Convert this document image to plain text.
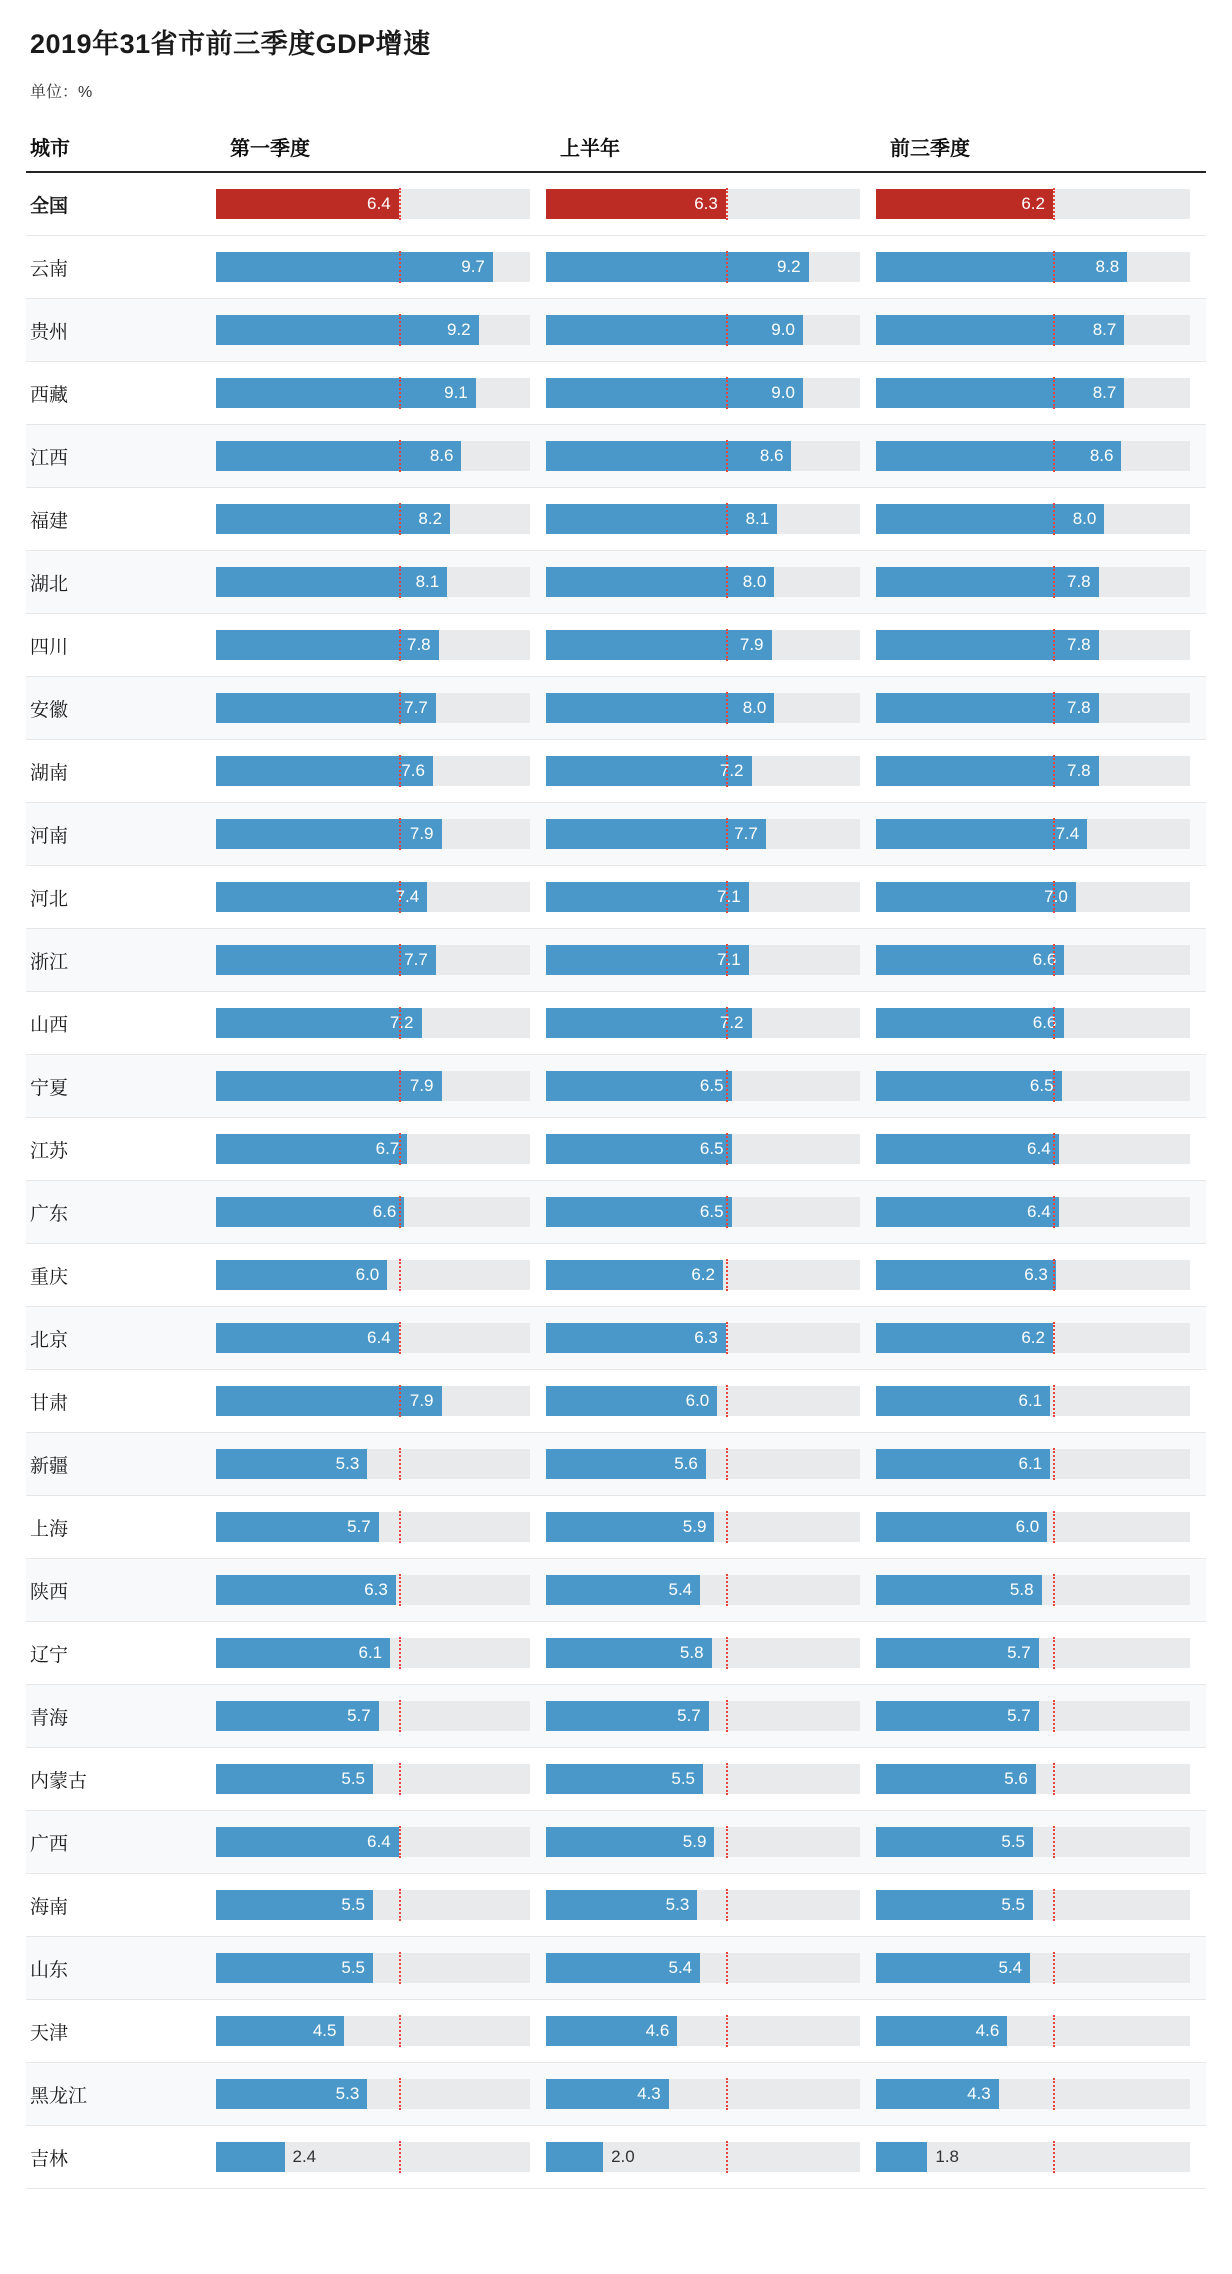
2019年31省市前三季度GDP增速
单位：%
城市	第一季度	上半年	前三季度
全国	6.4	6.3	6.2
云南	9.7	9.2	8.8
贵州	9.2	9.0	8.7
西藏	9.1	9.0	8.7
江西	8.6	8.6	8.6
福建	8.2	8.1	8.0
湖北	8.1	8.0	7.8
四川	7.8	7.9	7.8
安徽	7.7	8.0	7.8
湖南	7.6	7.2	7.8
河南	7.9	7.7	7.4
河北	7.4	7.1	7.0
浙江	7.7	7.1	6.6
山西	7.2	7.2	6.6
宁夏	7.9	6.5	6.5
江苏	6.7	6.5	6.4
广东	6.6	6.5	6.4
重庆	6.0	6.2	6.3
北京	6.4	6.3	6.2
甘肃	7.9	6.0	6.1
新疆	5.3	5.6	6.1
上海	5.7	5.9	6.0
陕西	6.3	5.4	5.8
辽宁	6.1	5.8	5.7
青海	5.7	5.7	5.7
内蒙古	5.5	5.5	5.6
广西	6.4	5.9	5.5
海南	5.5	5.3	5.5
山东	5.5	5.4	5.4
天津	4.5	4.6	4.6
黑龙江	5.3	4.3	4.3
吉林	2.4	2.0	1.8
